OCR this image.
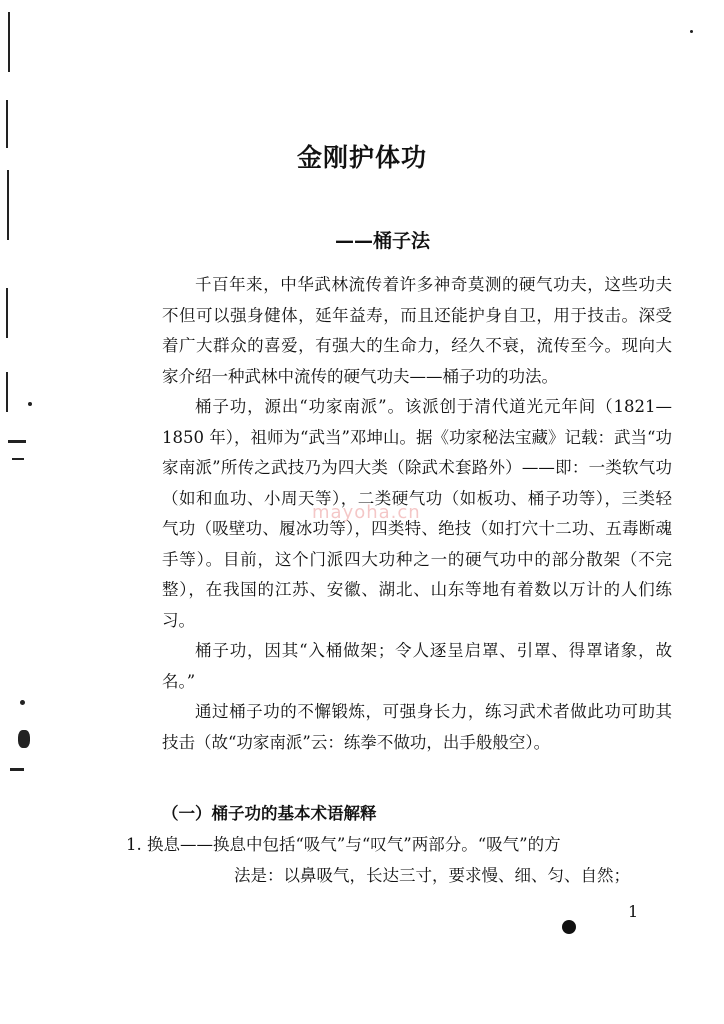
金刚护体功
——桶子法

千百年来，中华武林流传着许多神奇莫测的硬气功夫，这些功夫不但可以强身健体，延年益寿，而且还能护身自卫，用于技击。深受着广大群众的喜爱，有强大的生命力，经久不衰，流传至今。现向大家介绍一种武林中流传的硬气功夫——桶子功的功法。

桶子功，源出“功家南派”。该派创于清代道光元年间（1821—1850 年），祖师为“武当”邓坤山。据《功家秘法宝藏》记载：武当“功家南派”所传之武技乃为四大类（除武术套路外）——即：一类软气功（如和血功、小周天等），二类硬气功（如板功、桶子功等），三类轻气功（吸壁功、履冰功等），四类特、绝技（如打穴十二功、五毒断魂手等）。目前，这个门派四大功种之一的硬气功中的部分散架（不完整），在我国的江苏、安徽、湖北、山东等地有着数以万计的人们练习。

桶子功，因其“入桶做架；令人逐呈启罩、引罩、得罩诸象，故名。”

通过桶子功的不懈锻炼，可强身长力，练习武术者做此功可助其技击（故“功家南派”云：练拳不做功，出手般般空）。

（一）桶子功的基本术语解释
1. 换息——换息中包括“吸气”与“叹气”两部分。“吸气”的方
法是：以鼻吸气，长达三寸，要求慢、细、匀、自然；
mayoha.cn
1
